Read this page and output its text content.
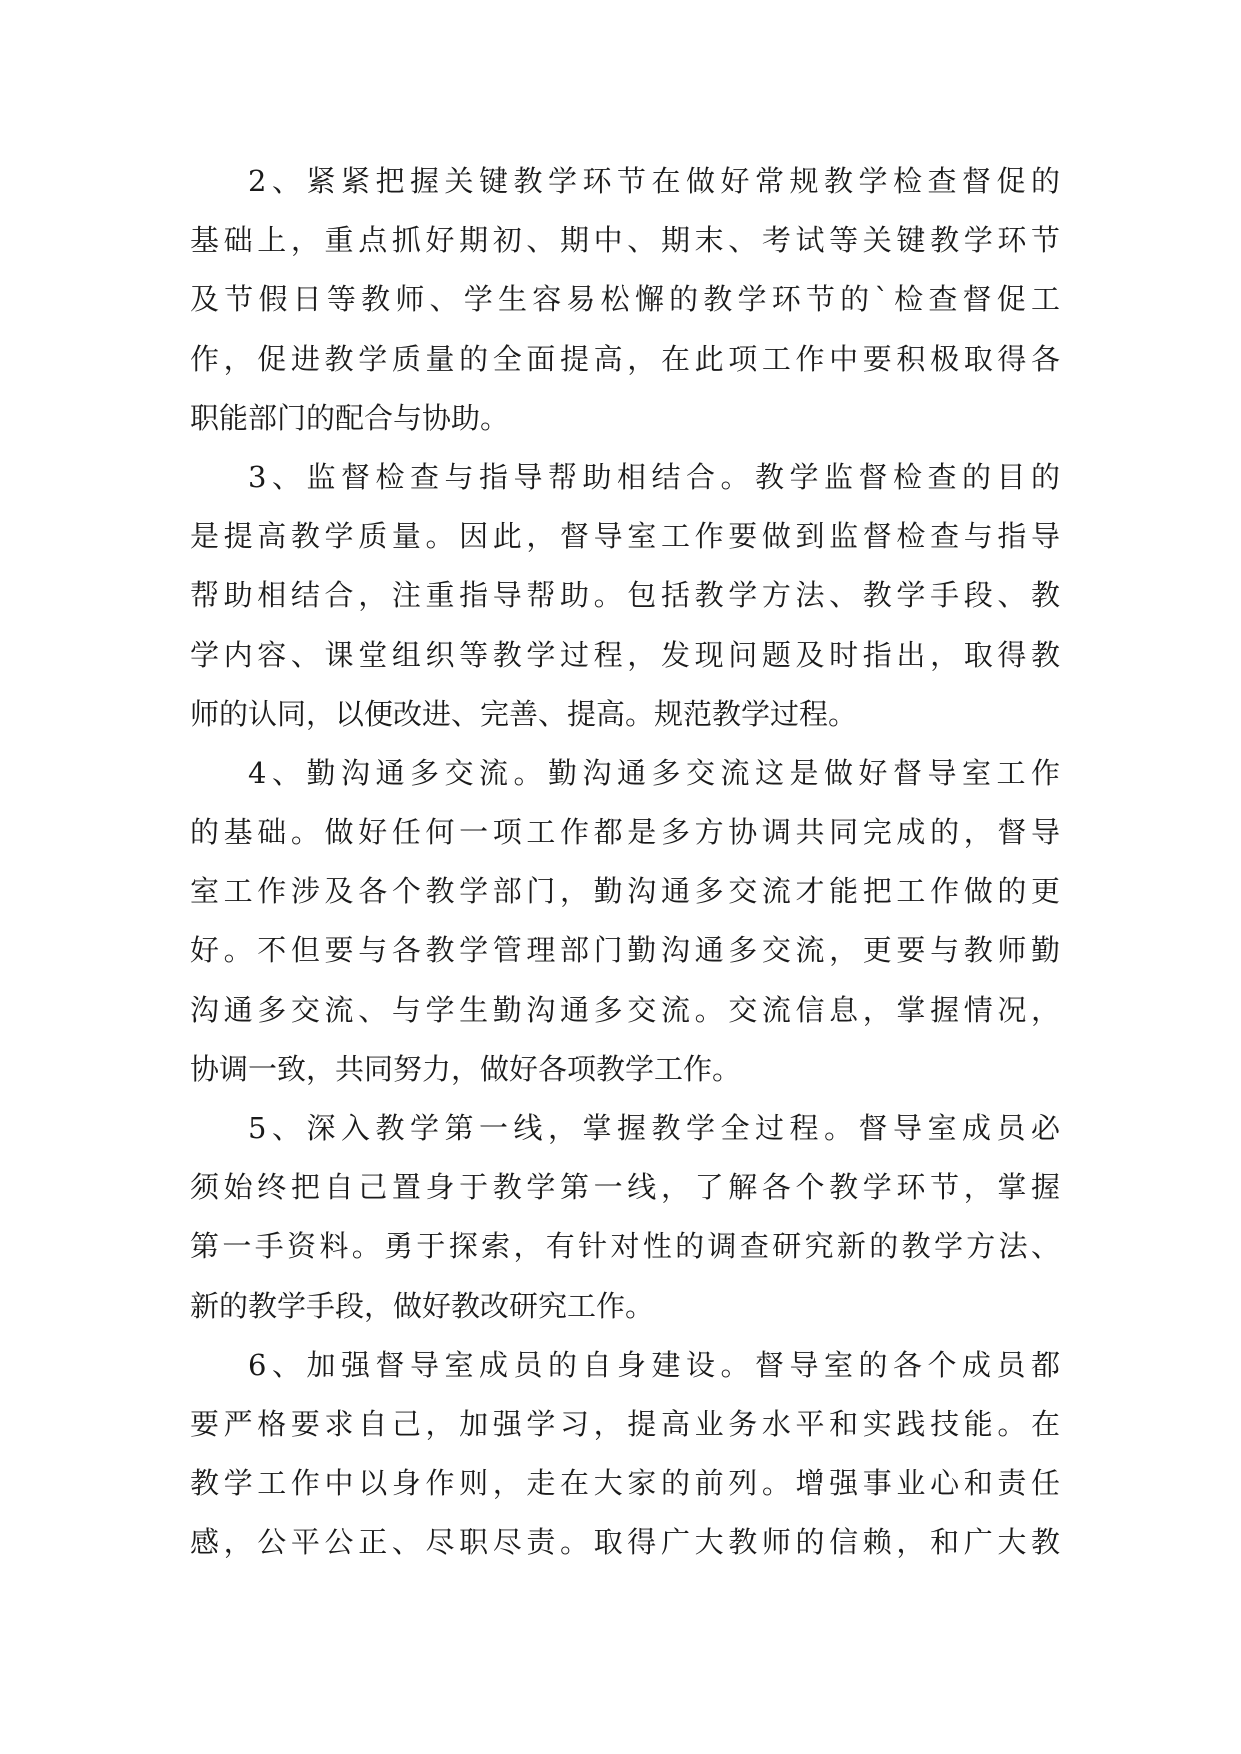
2、紧紧把握关键教学环节在做好常规教学检查督促的
基础上，重点抓好期初、期中、期末、考试等关键教学环节
及节假日等教师、学生容易松懈的教学环节的`检查督促工
作，促进教学质量的全面提高，在此项工作中要积极取得各
职能部门的配合与协助。
3、监督检查与指导帮助相结合。教学监督检查的目的
是提高教学质量。因此，督导室工作要做到监督检查与指导
帮助相结合，注重指导帮助。包括教学方法、教学手段、教
学内容、课堂组织等教学过程，发现问题及时指出，取得教
师的认同，以便改进、完善、提高。规范教学过程。
4、勤沟通多交流。勤沟通多交流这是做好督导室工作
的基础。做好任何一项工作都是多方协调共同完成的，督导
室工作涉及各个教学部门，勤沟通多交流才能把工作做的更
好。不但要与各教学管理部门勤沟通多交流，更要与教师勤
沟通多交流、与学生勤沟通多交流。交流信息，掌握情况，
协调一致，共同努力，做好各项教学工作。
5、深入教学第一线，掌握教学全过程。督导室成员必
须始终把自己置身于教学第一线，了解各个教学环节，掌握
第一手资料。勇于探索，有针对性的调查研究新的教学方法、
新的教学手段，做好教改研究工作。
6、加强督导室成员的自身建设。督导室的各个成员都
要严格要求自己，加强学习，提高业务水平和实践技能。在
教学工作中以身作则，走在大家的前列。增强事业心和责任
感，公平公正、尽职尽责。取得广大教师的信赖，和广大教
